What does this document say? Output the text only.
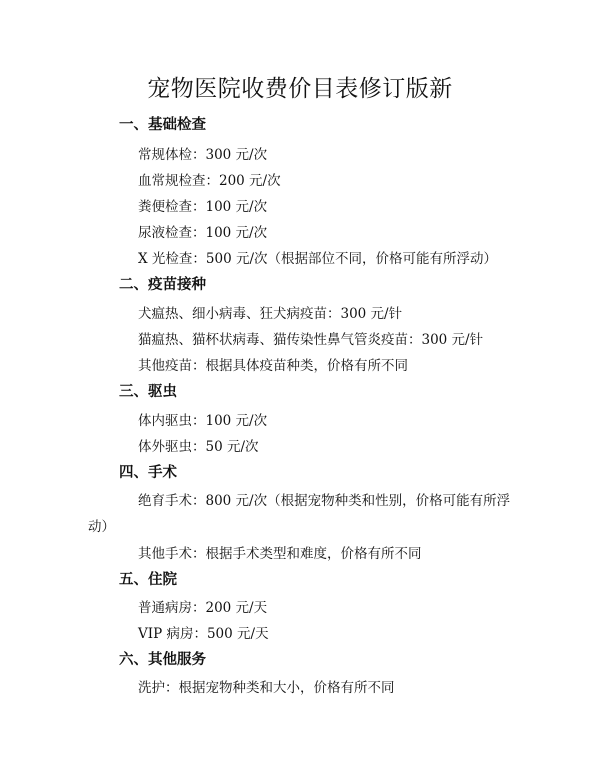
宠物医院收费价目表修订版新
一、基础检查
常规体检：300 元/次
血常规检查：200 元/次
粪便检查：100 元/次
尿液检查：100 元/次
X 光检查：500 元/次（根据部位不同，价格可能有所浮动）
二、疫苗接种
犬瘟热、细小病毒、狂犬病疫苗：300 元/针
猫瘟热、猫杯状病毒、猫传染性鼻气管炎疫苗：300 元/针
其他疫苗：根据具体疫苗种类，价格有所不同
三、驱虫
体内驱虫：100 元/次
体外驱虫：50 元/次
四、手术
绝育手术：800 元/次（根据宠物种类和性别，价格可能有所浮
动）
其他手术：根据手术类型和难度，价格有所不同
五、住院
普通病房：200 元/天
VIP 病房：500 元/天
六、其他服务
洗护：根据宠物种类和大小，价格有所不同
